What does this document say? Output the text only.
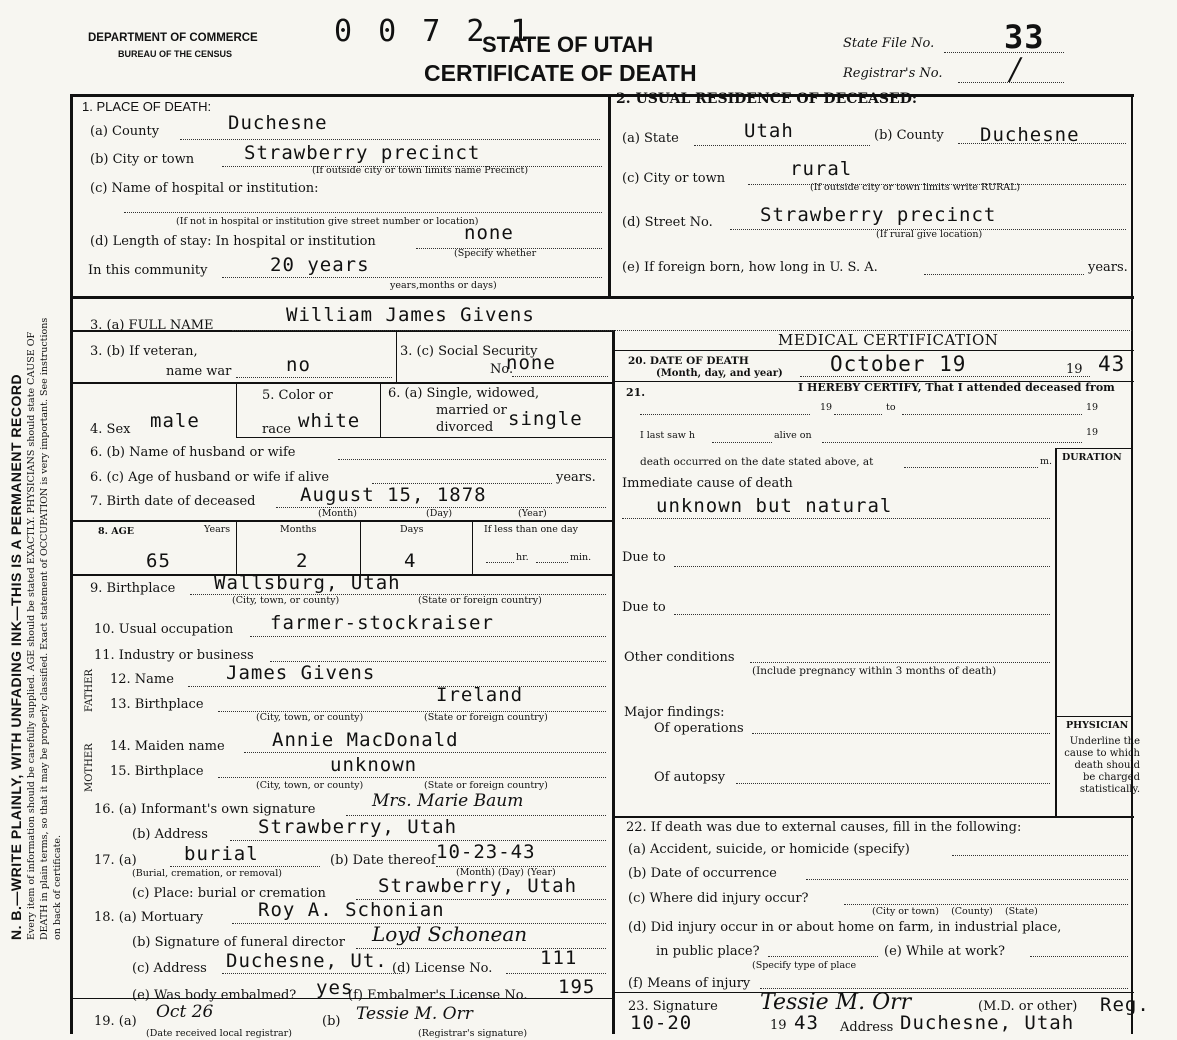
N. B.—WRITE PLAINLY, WITH UNFADING INK—THIS IS A PERMANENT RECORD Every item of information should be carefully supplied. AGE should be stated EXACTLY. PHYSICIANS should state CAUSE OF DEATH in plain terms, so that it may be properly classified. Exact statement of OCCUPATION is very important. See instructions on back of certificate.
DEPARTMENT OF COMMERCE
BUREAU OF THE CENSUS
0 0 7 2 1
STATE OF UTAH
CERTIFICATE OF DEATH
State File No. 33
Registrar's No. /
1. PLACE OF DEATH:
(a) County	Duchesne
(b) City or town	Strawberry precinct
(If outside city or town limits name Precinct)
(c) Name of hospital or institution:
(If not in hospital or institution give street number or location)
(d) Length of stay: In hospital or institution	none
(Specify whether
In this community	20 years
years,months or days)
2. USUAL RESIDENCE OF DECEASED:
(a) State	Utah	(b) County Duchesne
(c) City or town	rural
(If outside city or town limits write RURAL)
(d) Street No. Strawberry precinct
(If rural give location)
(e) If foreign born, how long in U. S. A.	years.
3. (a) FULL NAME	William James Givens
3. (b) If veteran,
name war	no
3. (c) Social Security
No.
none
MEDICAL CERTIFICATION
20. DATE OF DEATH
(Month, day, and year) October 19	19 43
21.	I HEREBY CERTIFY, That I attended deceased from
19	to	19
I last saw h	alive on	19
death occurred on the date stated above, at	m. DURATION
Immediate cause of death
unknown but natural
Due to
Due to
Other conditions
(Include pregnancy within 3 months of death)
Major findings:
Of operations
Of autopsy
PHYSICIAN
Underline the cause to which death should be charged statistically.
22. If death was due to external causes, fill in the following:
(a) Accident, suicide, or homicide (specify)
(b) Date of occurrence
(c) Where did injury occur?
(City or town)    (County)    (State)
(d) Did injury occur in or about home on farm, in industrial place,
in public place?	(e) While at work?
(Specify type of place
(f) Means of injury
23. Signature Tessie M. Orr	(M.D. or other) Reg.
10-20	19 43 Address Duchesne, Utah
4. Sex male
5. Color or
race white
6. (a) Single, widowed,
married or
divorced single
6. (b) Name of husband or wife
6. (c) Age of husband or wife if alive	years.
7. Birth date of deceased August 15, 1878
(Month)	(Day)	(Year)
8. AGE	Years	Months	Days	If less than one day
65	2	4	hr.	min.
9. Birthplace Wallsburg, Utah
(City, town, or county)	(State or foreign country)
10. Usual occupation farmer-stockraiser
11. Industry or business
FATHER
MOTHER
12. Name	James Givens
13. Birthplace	Ireland
(City, town, or county)	(State or foreign country)
14. Maiden name Annie MacDonald
15. Birthplace	unknown
(City, town, or county)	(State or foreign country)
16. (a) Informant's own signature	Mrs. Marie Baum
(b) Address	Strawberry, Utah
17. (a) burial
(Burial, cremation, or removal)
(b) Date thereof 10-23-43
(Month) (Day) (Year)
(c) Place: burial or cremation	Strawberry, Utah
18. (a) Mortuary	Roy A. Schonian
(b) Signature of funeral director Loyd Schonean
(c) Address Duchesne, Ut. (d) License No.	111
(e) Was body embalmed? yes
(f) Embalmer's License No. 195
19. (a) Oct 26
(Date received local registrar)
(b) Tessie M. Orr
(Registrar's signature)
